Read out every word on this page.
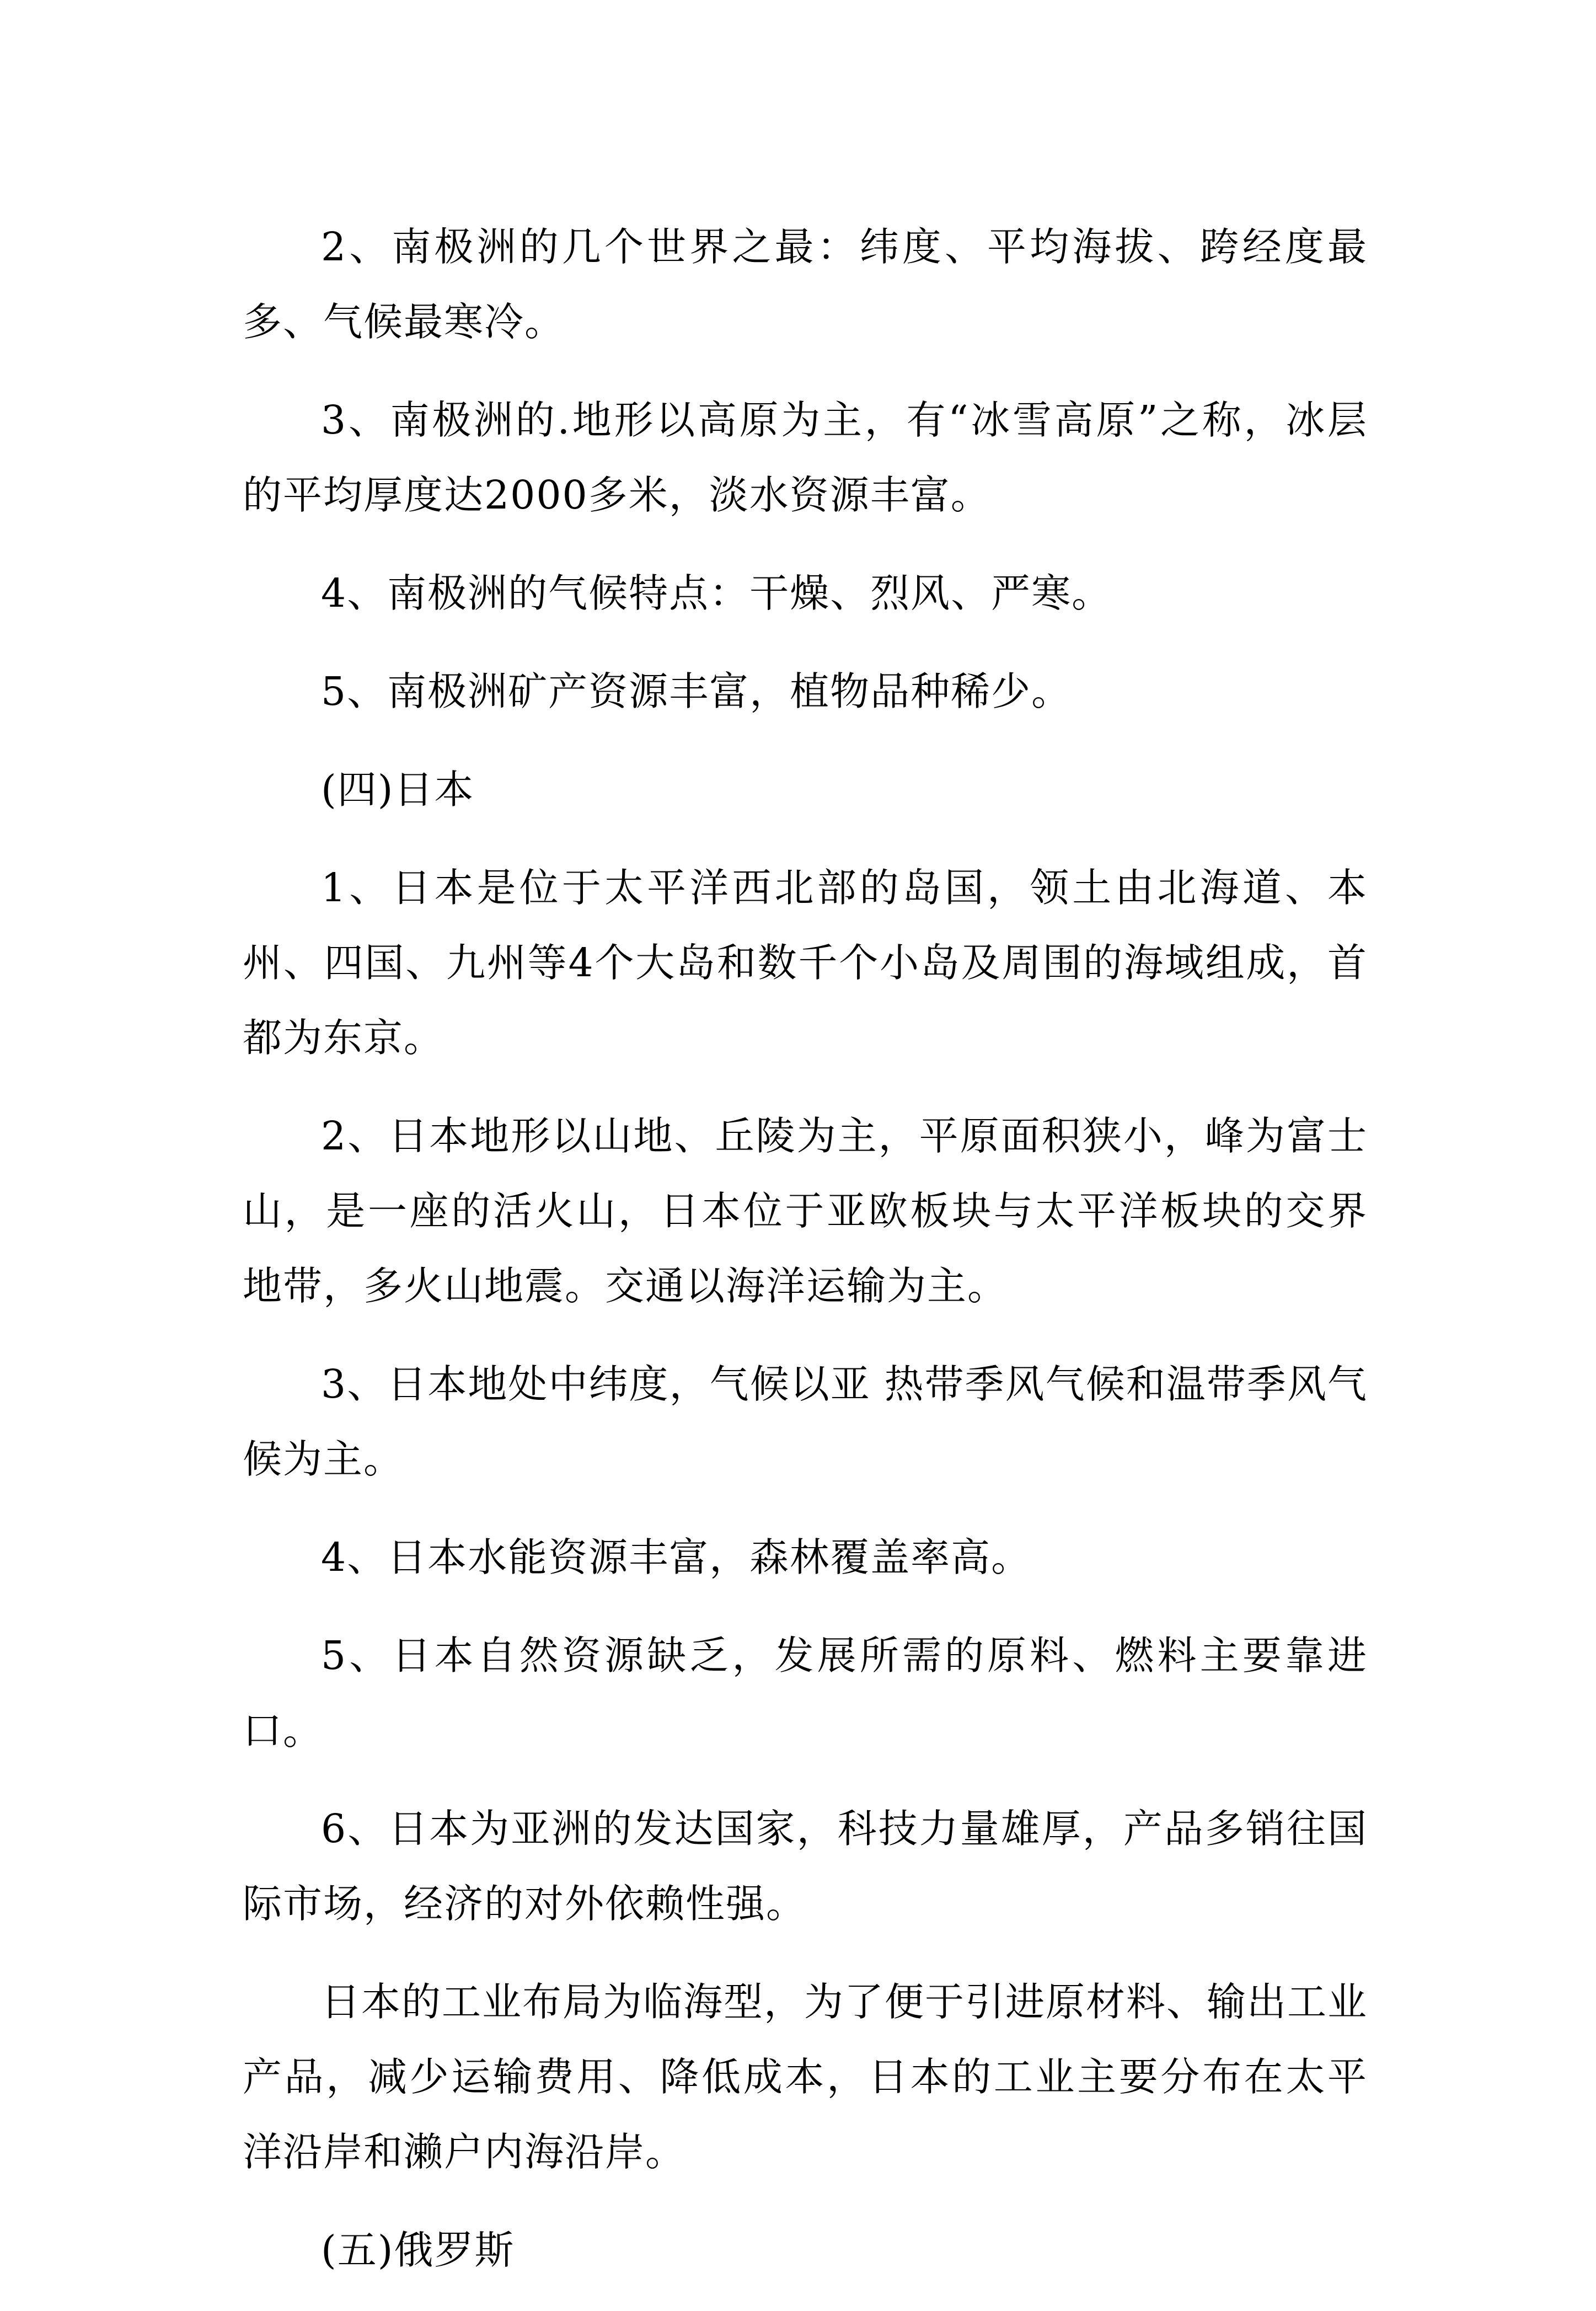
2、南极洲的几个世界之最：纬度、平均海拔、跨经度最多、气候最寒冷。

3、南极洲的.地形以高原为主，有“冰雪高原”之称，冰层的平均厚度达2000多米，淡水资源丰富。

4、南极洲的气候特点：干燥、烈风、严寒。

5、南极洲矿产资源丰富，植物品种稀少。

(四)日本

1、日本是位于太平洋西北部的岛国，领土由北海道、本州、四国、九州等4个大岛和数千个小岛及周围的海域组成，首都为东京。

2、日本地形以山地、丘陵为主，平原面积狭小，峰为富士山，是一座的活火山，日本位于亚欧板块与太平洋板块的交界地带，多火山地震。交通以海洋运输为主。

3、日本地处中纬度，气候以亚 热带季风气候和温带季风气候为主。

4、日本水能资源丰富，森林覆盖率高。

5、日本自然资源缺乏，发展所需的原料、燃料主要靠进口。

6、日本为亚洲的发达国家，科技力量雄厚，产品多销往国际市场，经济的对外依赖性强。

日本的工业布局为临海型，为了便于引进原材料、输出工业产品，减少运输费用、降低成本，日本的工业主要分布在太平洋沿岸和濑户内海沿岸。

(五)俄罗斯
